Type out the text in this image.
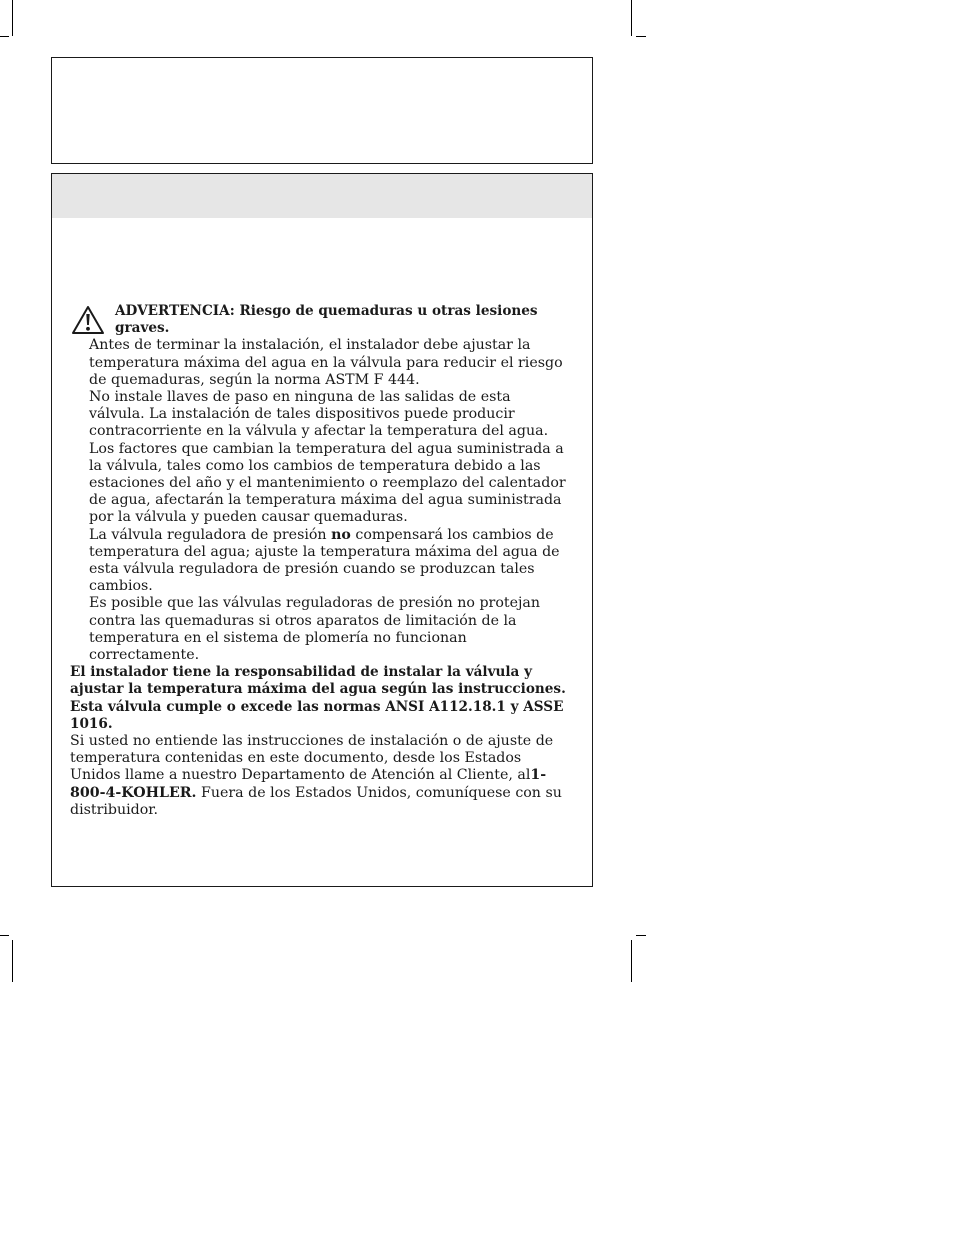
ADVERTENCIA: Riesgo de quemaduras u otras lesiones graves.

Antes de terminar la instalación, el instalador debe ajustar la temperatura máxima del agua en la válvula para reducir el riesgo de quemaduras, según la norma ASTM F 444.

No instale llaves de paso en ninguna de las salidas de esta válvula. La instalación de tales dispositivos puede producir contracorriente en la válvula y afectar la temperatura del agua.

Los factores que cambian la temperatura del agua suministrada a la válvula, tales como los cambios de temperatura debido a las estaciones del año y el mantenimiento o reemplazo del calentador de agua, afectarán la temperatura máxima del agua suministrada por la válvula y pueden causar quemaduras.

La válvula reguladora de presión no compensará los cambios de temperatura del agua; ajuste la temperatura máxima del agua de esta válvula reguladora de presión cuando se produzcan tales cambios.

Es posible que las válvulas reguladoras de presión no protejan contra las quemaduras si otros aparatos de limitación de la temperatura en el sistema de plomería no funcionan correctamente.

El instalador tiene la responsabilidad de instalar la válvula y ajustar la temperatura máxima del agua según las instrucciones.

Esta válvula cumple o excede las normas ANSI A112.18.1 y ASSE 1016.

Si usted no entiende las instrucciones de instalación o de ajuste de temperatura contenidas en este documento, desde los Estados Unidos llame a nuestro Departamento de Atención al Cliente, al1-800-4-KOHLER. Fuera de los Estados Unidos, comuníquese con su distribuidor.
